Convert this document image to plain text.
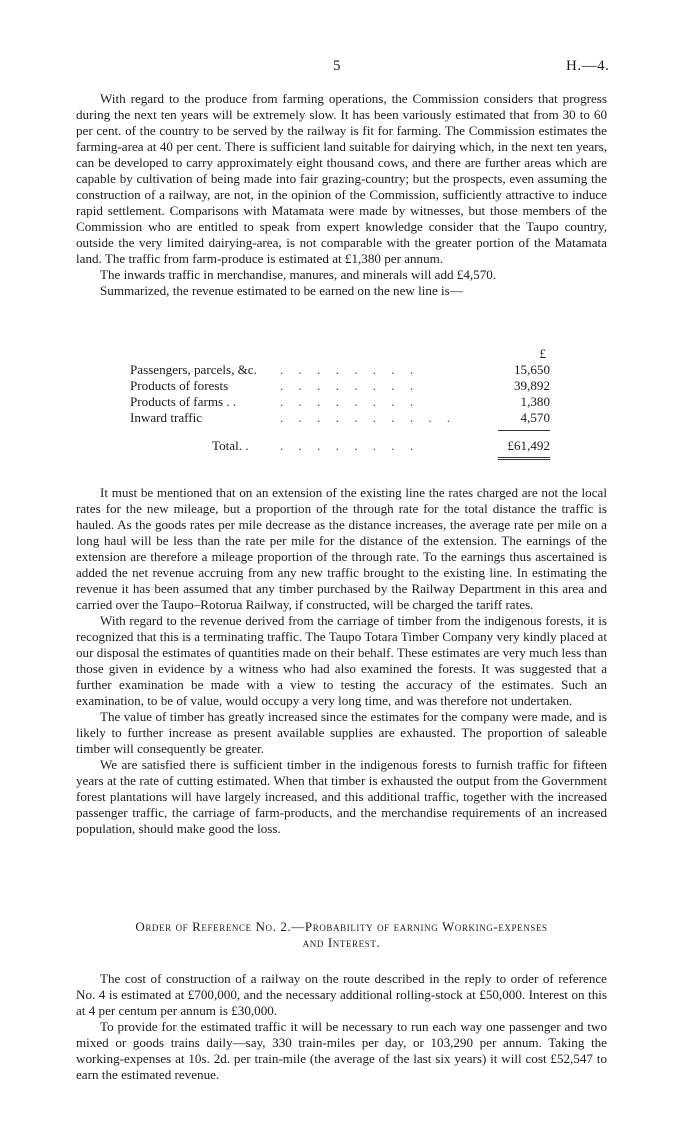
5	H.—4.

With regard to the produce from farming operations, the Commission considers that progress during the next ten years will be extremely slow. It has been variously estimated that from 30 to 60 per cent. of the country to be served by the railway is fit for farming. The Commission estimates the farming-area at 40 per cent. There is sufficient land suitable for dairying which, in the next ten years, can be developed to carry approximately eight thousand cows, and there are further areas which are capable by cultivation of being made into fair grazing-country; but the prospects, even assuming the construction of a railway, are not, in the opinion of the Commission, sufficiently attractive to induce rapid settlement. Comparisons with Matamata were made by witnesses, but those members of the Commission who are entitled to speak from expert knowledge consider that the Taupo country, outside the very limited dairying-area, is not comparable with the greater portion of the Matamata land. The traffic from farm-produce is estimated at £1,380 per annum.

The inwards traffic in merchandise, manures, and minerals will add £4,570.

Summarized, the revenue estimated to be earned on the new line is—

£
Passengers, parcels, &c. . . . . . . . .	15,650
Products of forests	. . . . . . . .	39,892
Products of farms . .	. . . . . . . .	1,380
Inward traffic	. . . . . . . . . .	4,570
Total. . . . . . . . . .	£61,492

It must be mentioned that on an extension of the existing line the rates charged are not the local rates for the new mileage, but a proportion of the through rate for the total distance the traffic is hauled. As the goods rates per mile decrease as the distance increases, the average rate per mile on a long haul will be less than the rate per mile for the distance of the extension. The earnings of the extension are therefore a mileage proportion of the through rate. To the earnings thus ascertained is added the net revenue accruing from any new traffic brought to the existing line. In estimating the revenue it has been assumed that any timber purchased by the Railway Department in this area and carried over the Taupo–Rotorua Railway, if constructed, will be charged the tariff rates.

With regard to the revenue derived from the carriage of timber from the indigenous forests, it is recognized that this is a terminating traffic. The Taupo Totara Timber Company very kindly placed at our disposal the estimates of quantities made on their behalf. These estimates are very much less than those given in evidence by a witness who had also examined the forests. It was suggested that a further examination be made with a view to testing the accuracy of the estimates. Such an examination, to be of value, would occupy a very long time, and was therefore not undertaken.

The value of timber has greatly increased since the estimates for the company were made, and is likely to further increase as present available supplies are exhausted. The proportion of saleable timber will consequently be greater.

We are satisfied there is sufficient timber in the indigenous forests to furnish traffic for fifteen years at the rate of cutting estimated. When that timber is exhausted the output from the Government forest plantations will have largely increased, and this additional traffic, together with the increased passenger traffic, the carriage of farm-products, and the merchandise requirements of an increased population, should make good the loss.

Order of Reference No. 2.—Probability of earning Working-expenses
and Interest.

The cost of construction of a railway on the route described in the reply to order of reference No. 4 is estimated at £700,000, and the necessary additional rolling-stock at £50,000. Interest on this at 4 per centum per annum is £30,000.

To provide for the estimated traffic it will be necessary to run each way one passenger and two mixed or goods trains daily—say, 330 train-miles per day, or 103,290 per annum. Taking the working-expenses at 10s. 2d. per train-mile (the average of the last six years) it will cost £52,547 to earn the estimated revenue.
